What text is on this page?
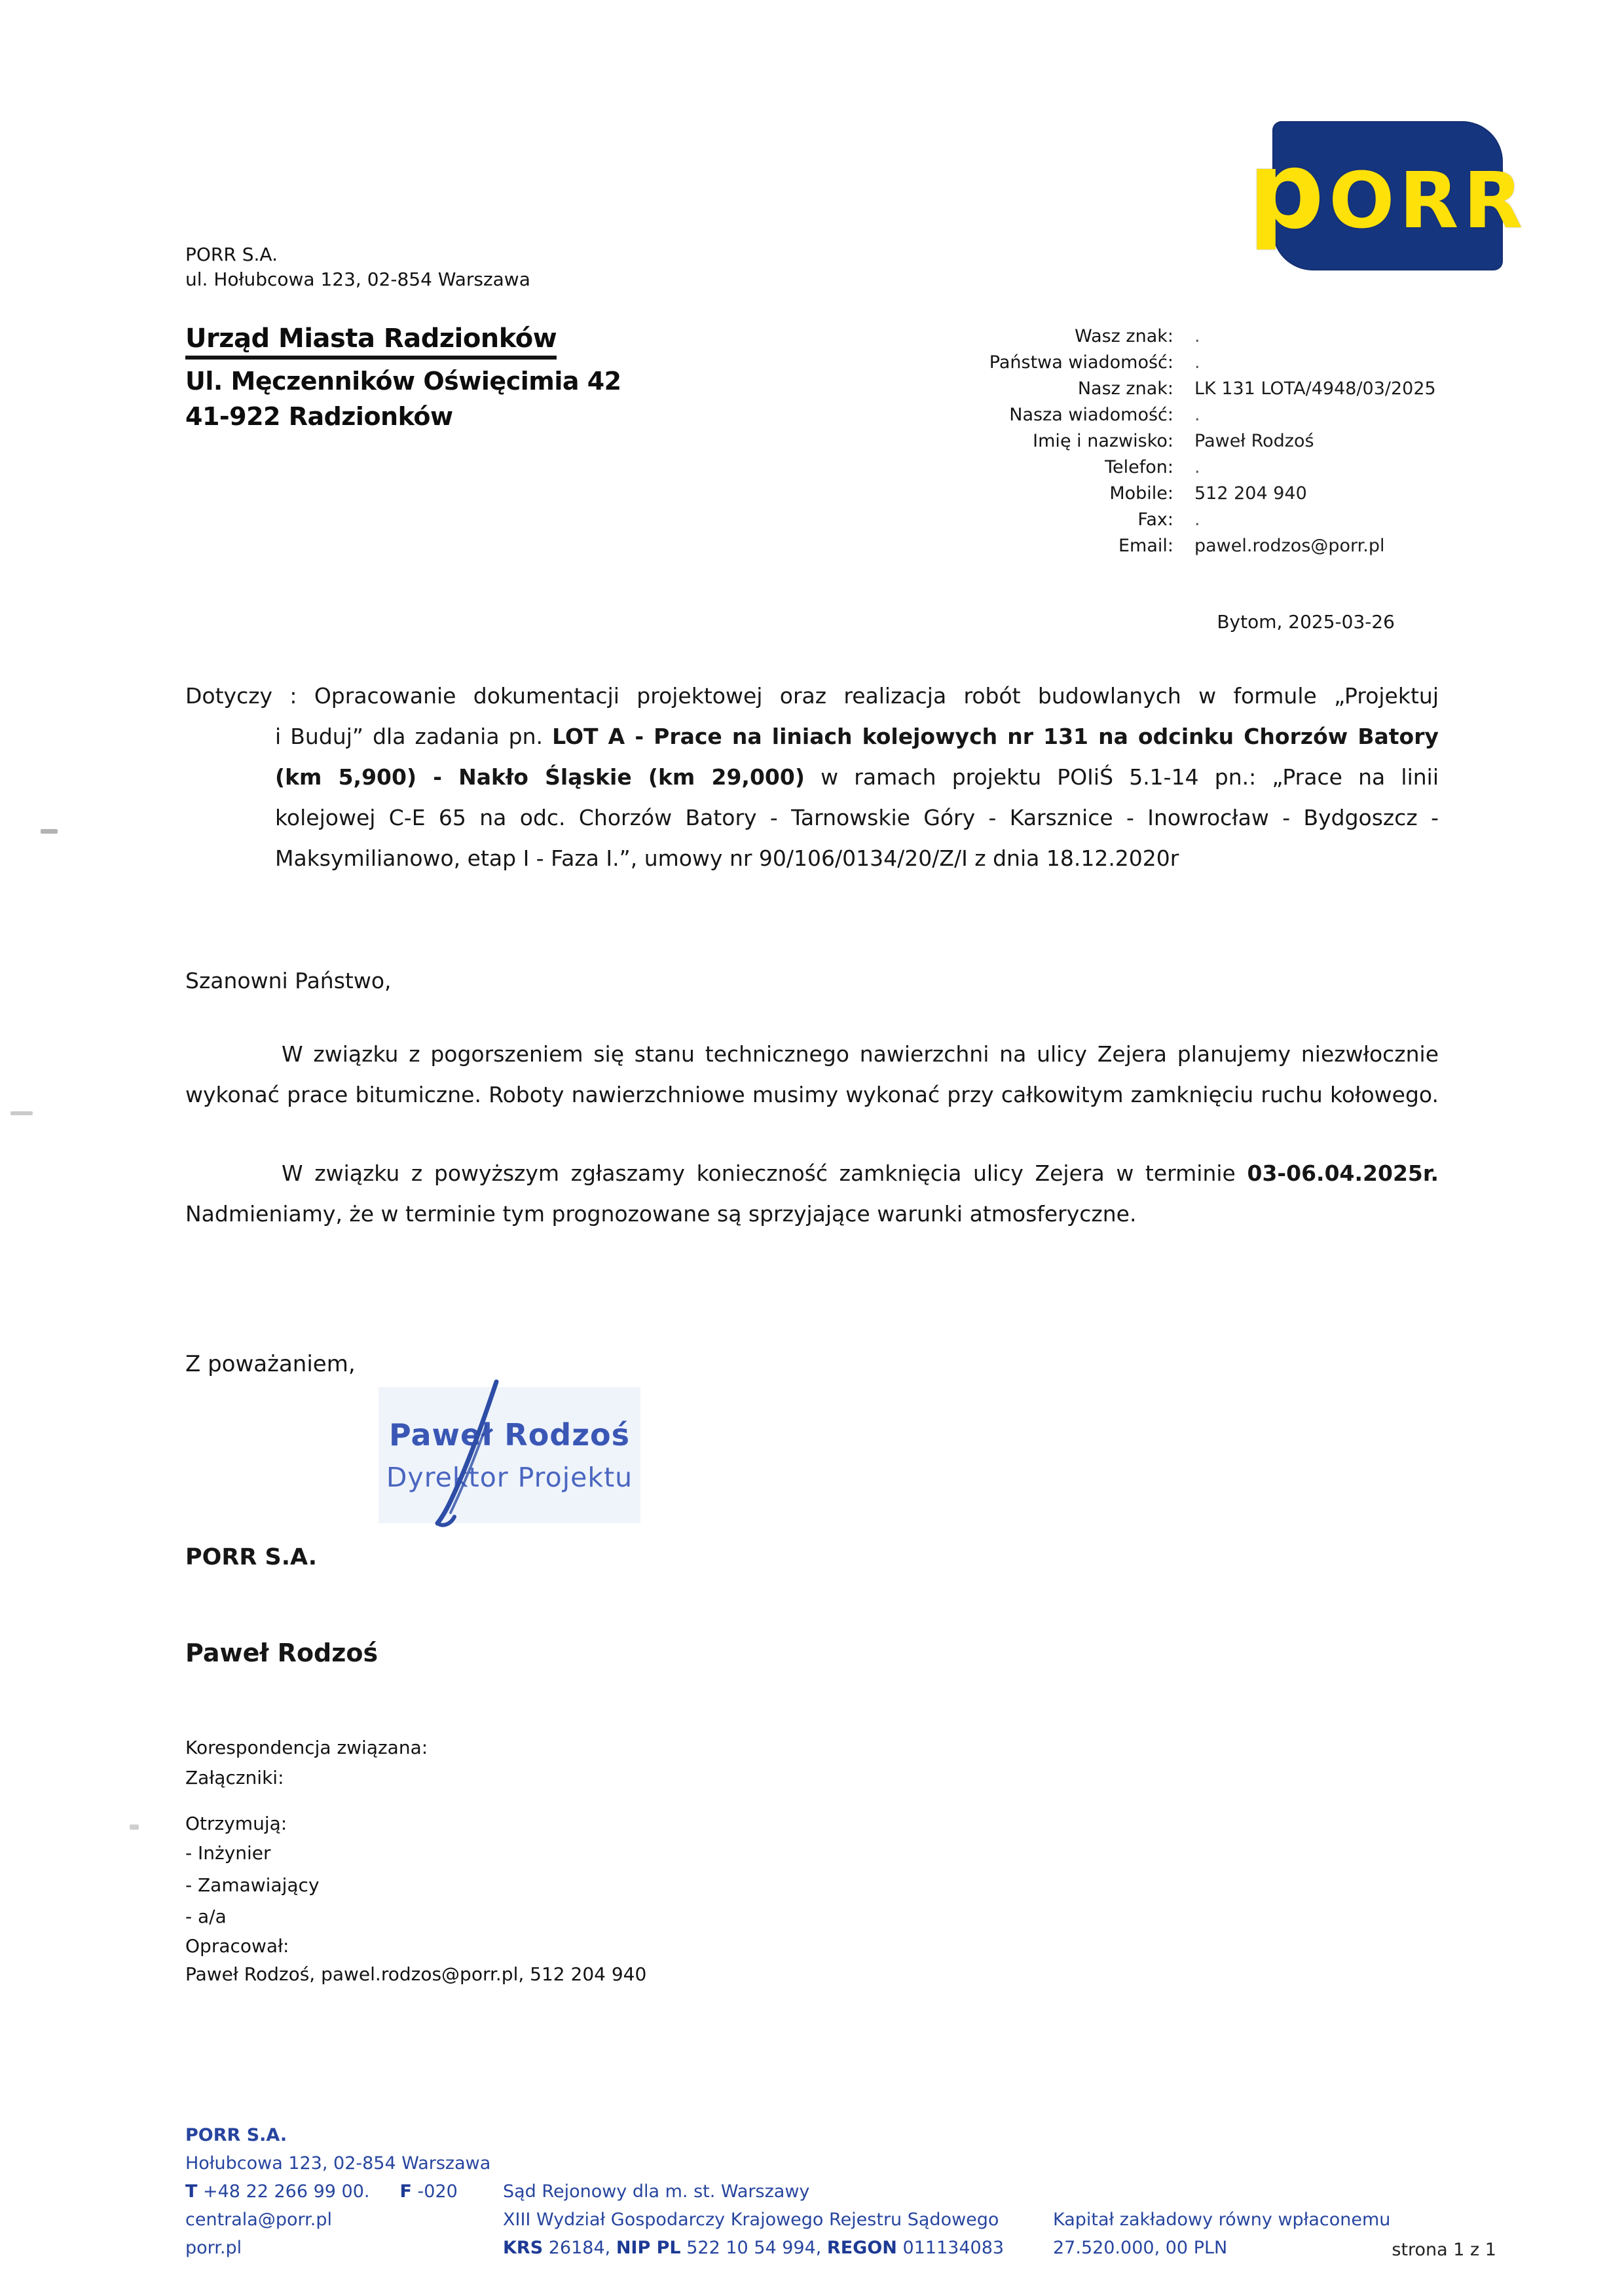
PORR S.A.
ul. Hołubcowa 123, 02-854 Warszawa
p ORR
Urząd Miasta Radzionków
Ul. Męczenników Oświęcimia 42
41-922 Radzionków
Wasz znak: .
Państwa wiadomość: .
Nasz znak: LK 131 LOTA/4948/03/2025
Nasza wiadomość: .
Imię i nazwisko: Paweł Rodzoś
Telefon: .
Mobile: 512 204 940
Fax: .
Email: pawel.rodzos@porr.pl
Bytom, 2025-03-26
Dotyczy : Opracowanie dokumentacji projektowej oraz realizacja robót budowlanych w formule „Projektuj
i Buduj” dla zadania pn. LOT A - Prace na liniach kolejowych nr 131 na odcinku Chorzów Batory
(km 5,900) - Nakło Śląskie (km 29,000) w ramach projektu POIiŚ 5.1-14 pn.: „Prace na linii
kolejowej C-E 65 na odc. Chorzów Batory - Tarnowskie Góry - Karsznice - Inowrocław - Bydgoszcz -
Maksymilianowo, etap I - Faza I.”, umowy nr 90/106/0134/20/Z/I z dnia 18.12.2020r
Szanowni Państwo,
W związku z pogorszeniem się stanu technicznego nawierzchni na ulicy Zejera planujemy niezwłocznie
wykonać prace bitumiczne. Roboty nawierzchniowe musimy wykonać przy całkowitym zamknięciu ruchu kołowego.
W związku z powyższym zgłaszamy konieczność zamknięcia ulicy Zejera w terminie 03-06.04.2025r.
Nadmieniamy, że w terminie tym prognozowane są sprzyjające warunki atmosferyczne.
Z poważaniem,
Paweł Rodzoś
Dyrektor Projektu
PORR S.A.
Paweł Rodzoś
Korespondencja związana:
Załączniki:
Otrzymują:
- Inżynier
- Zamawiający
- a/a
Opracował:
Paweł Rodzoś, pawel.rodzos@porr.pl, 512 204 940
PORR S.A.
Hołubcowa 123, 02-854 Warszawa
T +48 22 266 99 00. F -020
centrala@porr.pl
porr.pl
Sąd Rejonowy dla m. st. Warszawy
XIII Wydział Gospodarczy Krajowego Rejestru Sądowego
KRS 26184, NIP PL 522 10 54 994, REGON 011134083
Kapitał zakładowy równy wpłaconemu
27.520.000, 00 PLN	strona 1 z 1
